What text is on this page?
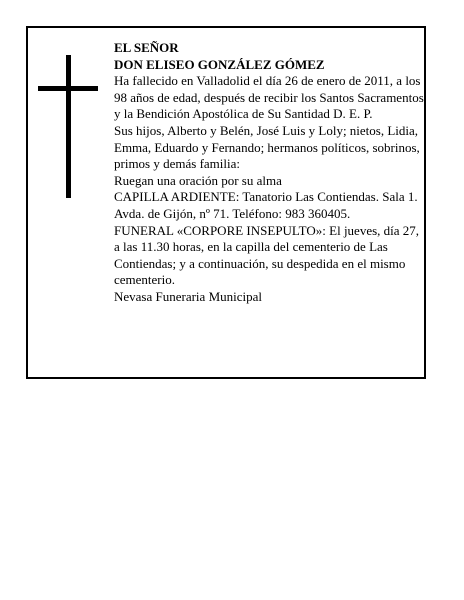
EL SEÑOR

DON ELISEO GONZÁLEZ GÓMEZ

Ha fallecido en Valladolid el día 26 de enero de 2011, a los 98 años de edad, después de recibir los Santos Sacramentos y la Bendición Apostólica de Su Santidad D. E. P.

Sus hijos, Alberto y Belén, José Luis y Loly; nietos, Lidia, Emma, Eduardo y Fernando; hermanos políticos, sobrinos, primos y demás familia:

Ruegan una oración por su alma

CAPILLA ARDIENTE: Tanatorio Las Contiendas. Sala 1. Avda. de Gijón, nº 71. Teléfono: 983 360405.

FUNERAL «CORPORE INSEPULTO»: El jueves, día 27, a las 11.30 horas, en la capilla del cementerio de Las Contiendas; y a continuación, su despedida en el mismo cementerio.

Nevasa Funeraria Municipal
